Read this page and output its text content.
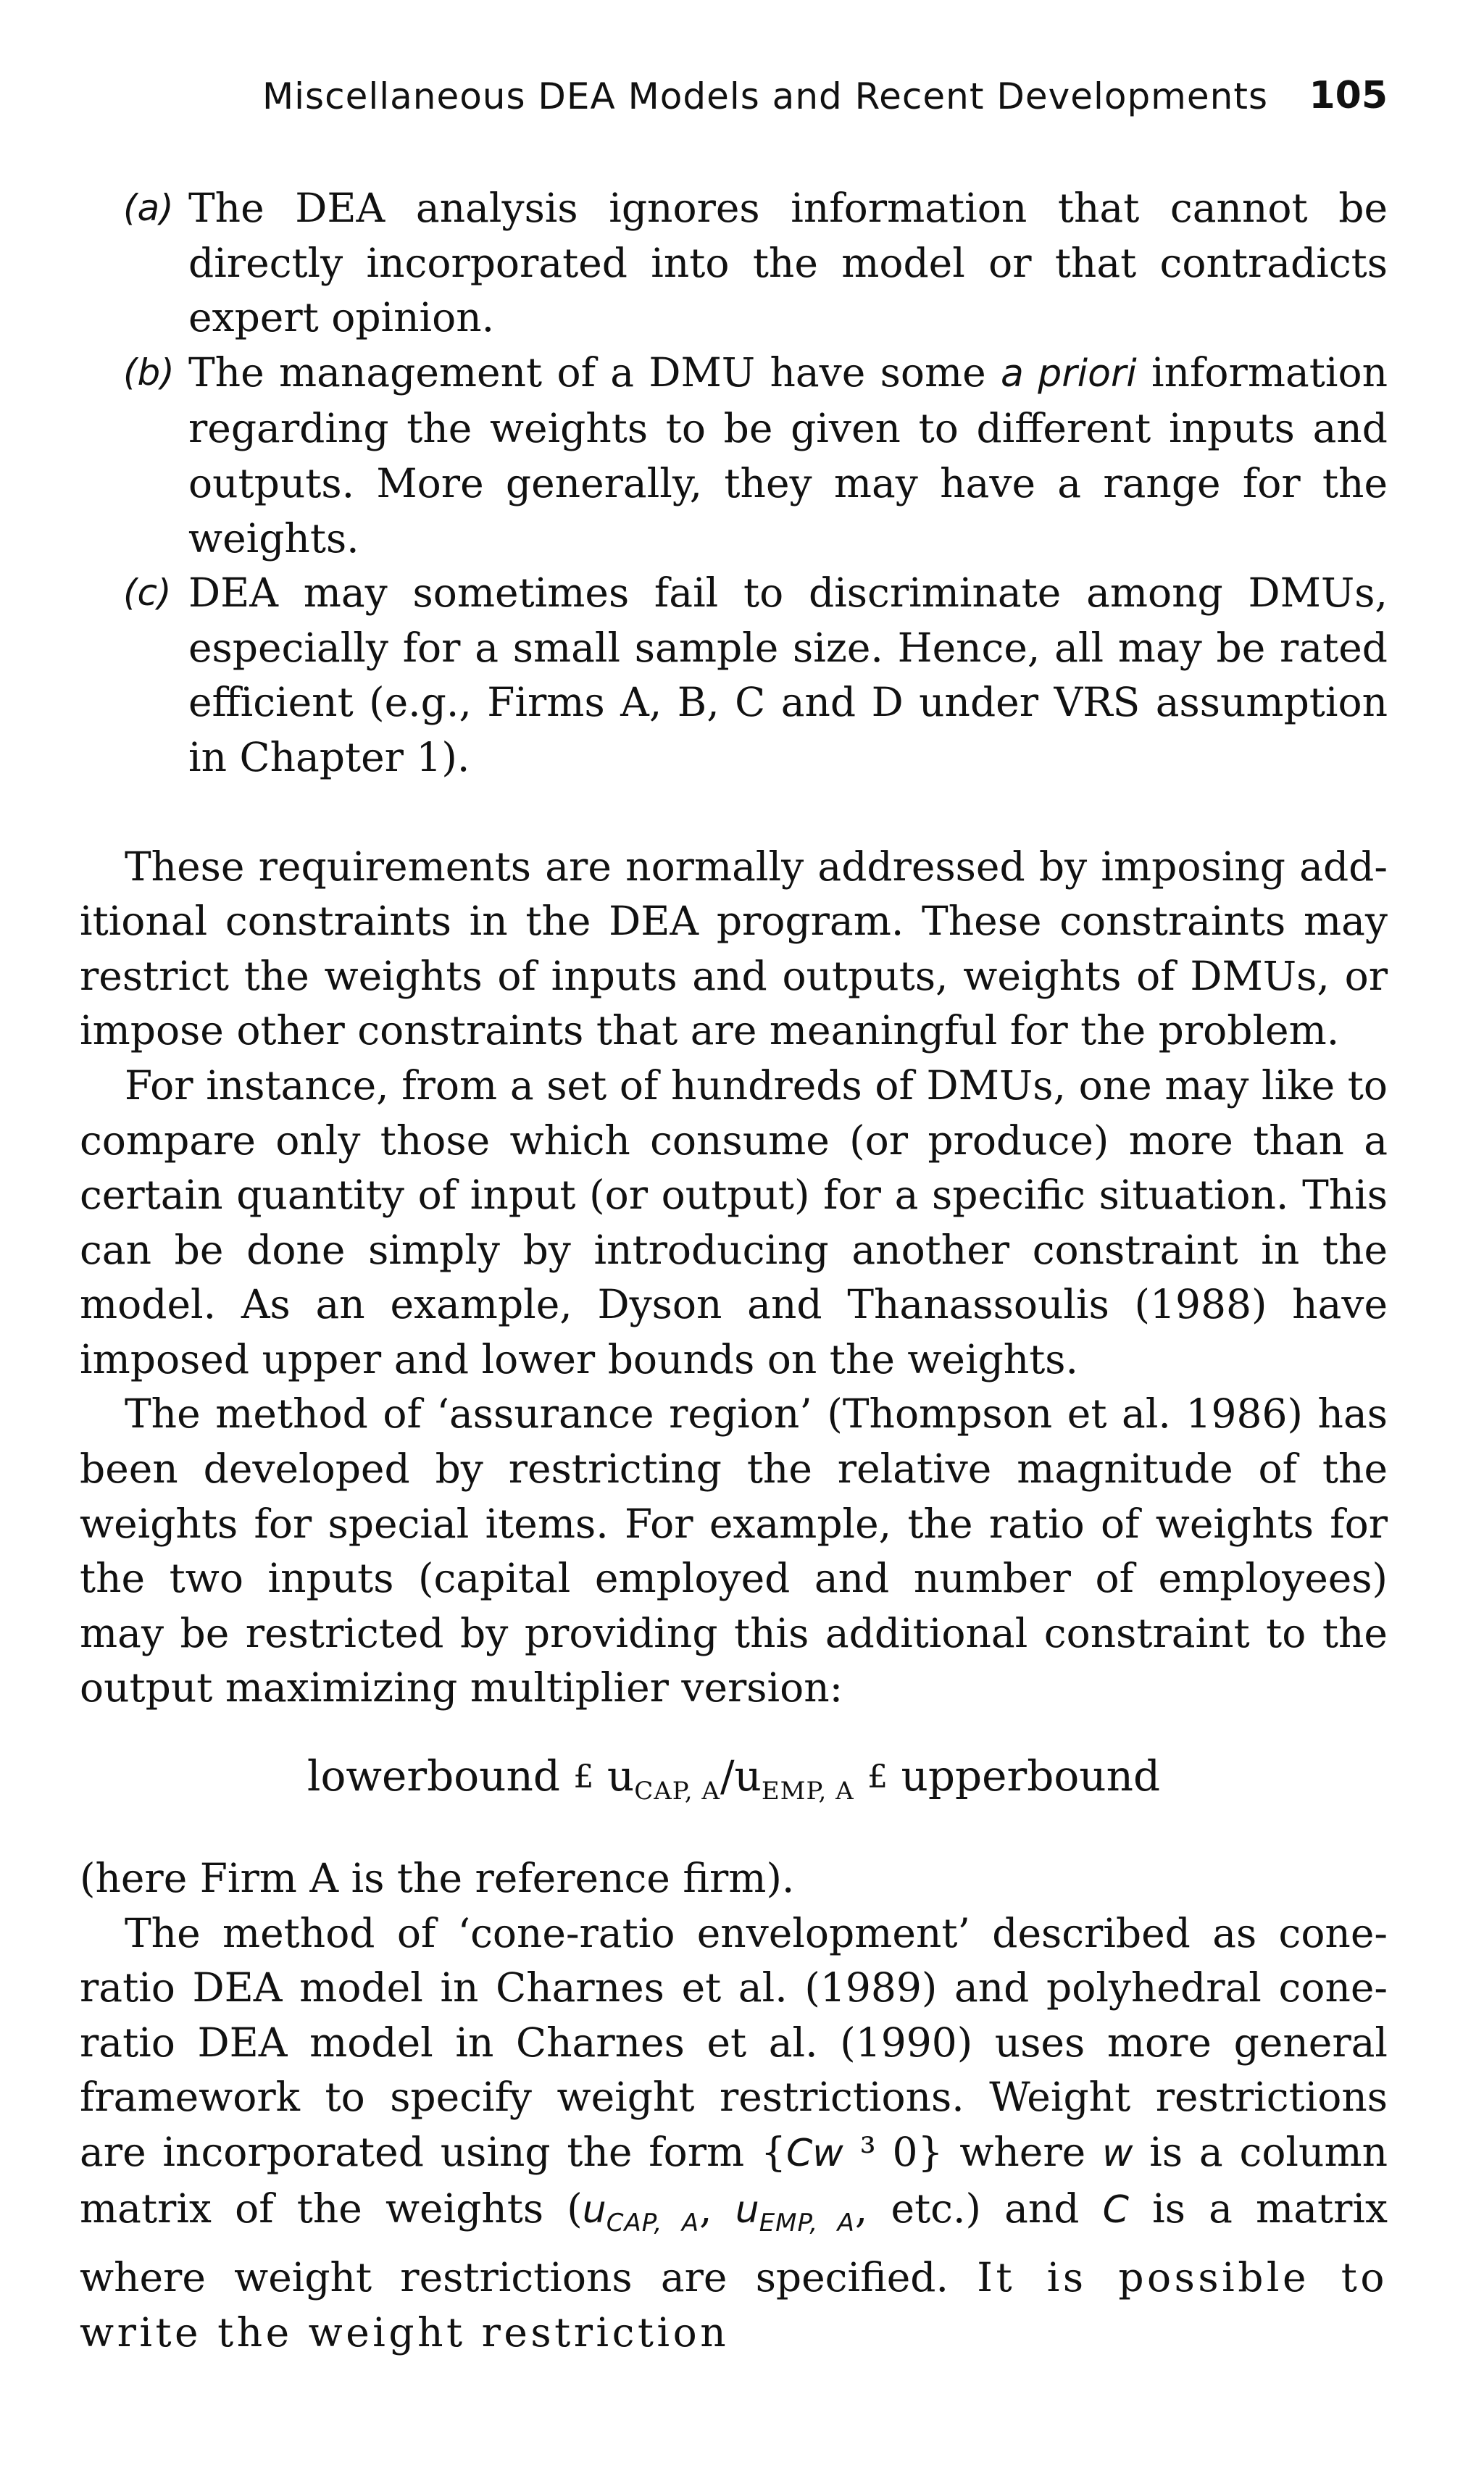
Miscellaneous DEA Models and Recent Developments 105
(a) The DEA analysis ignores information that cannot be directly incorporated into the model or that contradicts expert opinion.
(b) The management of a DMU have some a priori information regarding the weights to be given to different inputs and outputs. More generally, they may have a range for the weights.
(c) DEA may sometimes fail to discriminate among DMUs, especially for a small sample size. Hence, all may be rated efficient (e.g., Firms A, B, C and D under VRS assumption in Chapter 1).

These requirements are normally addressed by imposing additional constraints in the DEA program. These constraints may restrict the weights of inputs and outputs, weights of DMUs, or impose other constraints that are meaningful for the problem.

For instance, from a set of hundreds of DMUs, one may like to compare only those which consume (or produce) more than a certain quantity of input (or output) for a specific situation. This can be done simply by introducing another constraint in the model. As an example, Dyson and Thanassoulis (1988) have imposed upper and lower bounds on the weights.

The method of ‘assurance region’ (Thompson et al. 1986) has been developed by restricting the relative magnitude of the weights for special items. For example, the ratio of weights for the two inputs (capital employed and number of employees) may be restricted by providing this additional constraint to the output maximizing multiplier version:

lowerbound £ $u_{CAP, A}/u_{EMP, A}$ £ upperbound

(here Firm A is the reference firm).

The method of ‘cone-ratio envelopment’ described as cone-ratio DEA model in Charnes et al. (1989) and polyhedral cone-ratio DEA model in Charnes et al. (1990) uses more general framework to specify weight restrictions. Weight restrictions are incorporated using the form {Cw ³ 0} where w is a column matrix of the weights ($u_{CAP, A}$, $u_{EMP, A}$, etc.) and C is a matrix where weight restrictions are specified. It is possible to write the weight restriction
